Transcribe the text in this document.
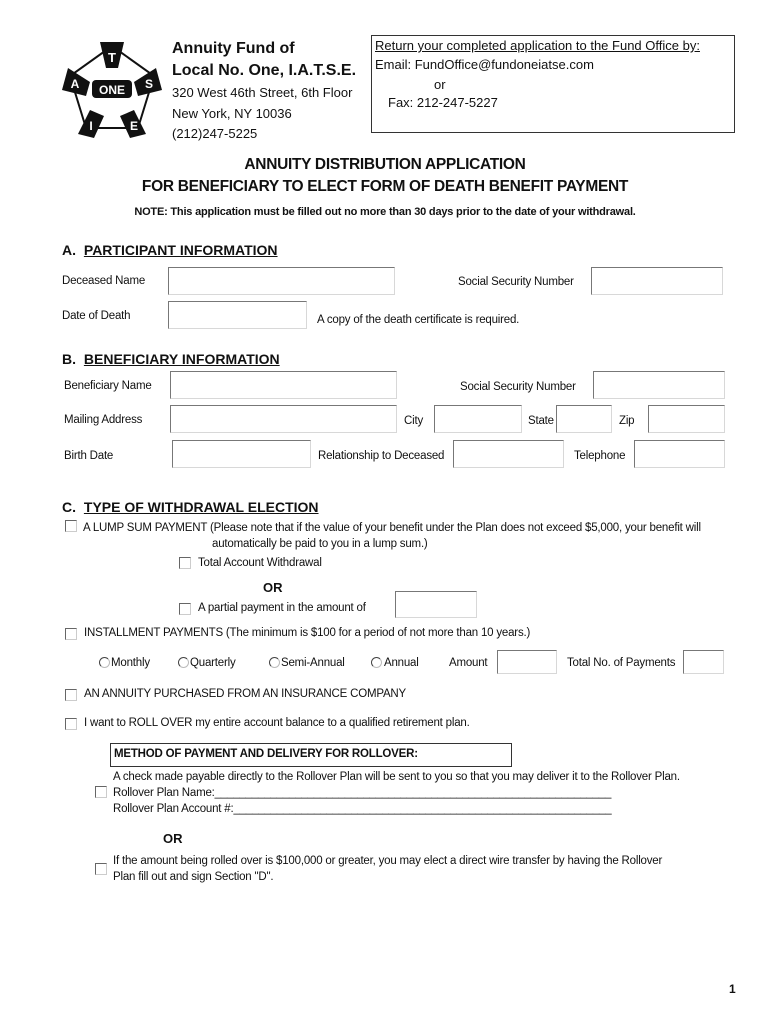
T
S
E
I
A ONE
Annuity Fund of
Local No. One, I.A.T.S.E.
320 West 46th Street, 6th Floor
New York, NY 10036
(212)247-5225
Return your completed application to the Fund Office by:
Email: FundOffice@fundoneiatse.com
or
Fax: 212-247-5227
ANNUITY DISTRIBUTION APPLICATION
FOR BENEFICIARY TO ELECT FORM OF DEATH BENEFIT PAYMENT
NOTE: This application must be filled out no more than 30 days prior to the date of your withdrawal.
A. PARTICIPANT INFORMATION
Deceased Name	Social Security Number
Date of Death	A copy of the death certificate is required.
B. BENEFICIARY INFORMATION
Beneficiary Name	Social Security Number
Mailing Address	City	State	Zip
Birth Date	Relationship to Deceased	Telephone
C. TYPE OF WITHDRAWAL ELECTION
A LUMP SUM PAYMENT (Please note that if the value of your benefit under the Plan does not exceed $5,000, your benefit will
automatically be paid to you in a lump sum.)
Total Account Withdrawal
OR
A partial payment in the amount of
INSTALLMENT PAYMENTS (The minimum is $100 for a period of not more than 10 years.)
Monthly	Quarterly	Semi-Annual	Annual	Amount	Total No. of Payments
AN ANNUITY PURCHASED FROM AN INSURANCE COMPANY
I want to ROLL OVER my entire account balance to a qualified retirement plan.
METHOD OF PAYMENT AND DELIVERY FOR ROLLOVER:
A check made payable directly to the Rollover Plan will be sent to you so that you may deliver it to the Rollover Plan.
Rollover Plan Name:________________________________________________________________
Rollover Plan Account #:_____________________________________________________________
OR
If the amount being rolled over is $100,000 or greater, you may elect a direct wire transfer by having the Rollover
Plan fill out and sign Section "D".
1
